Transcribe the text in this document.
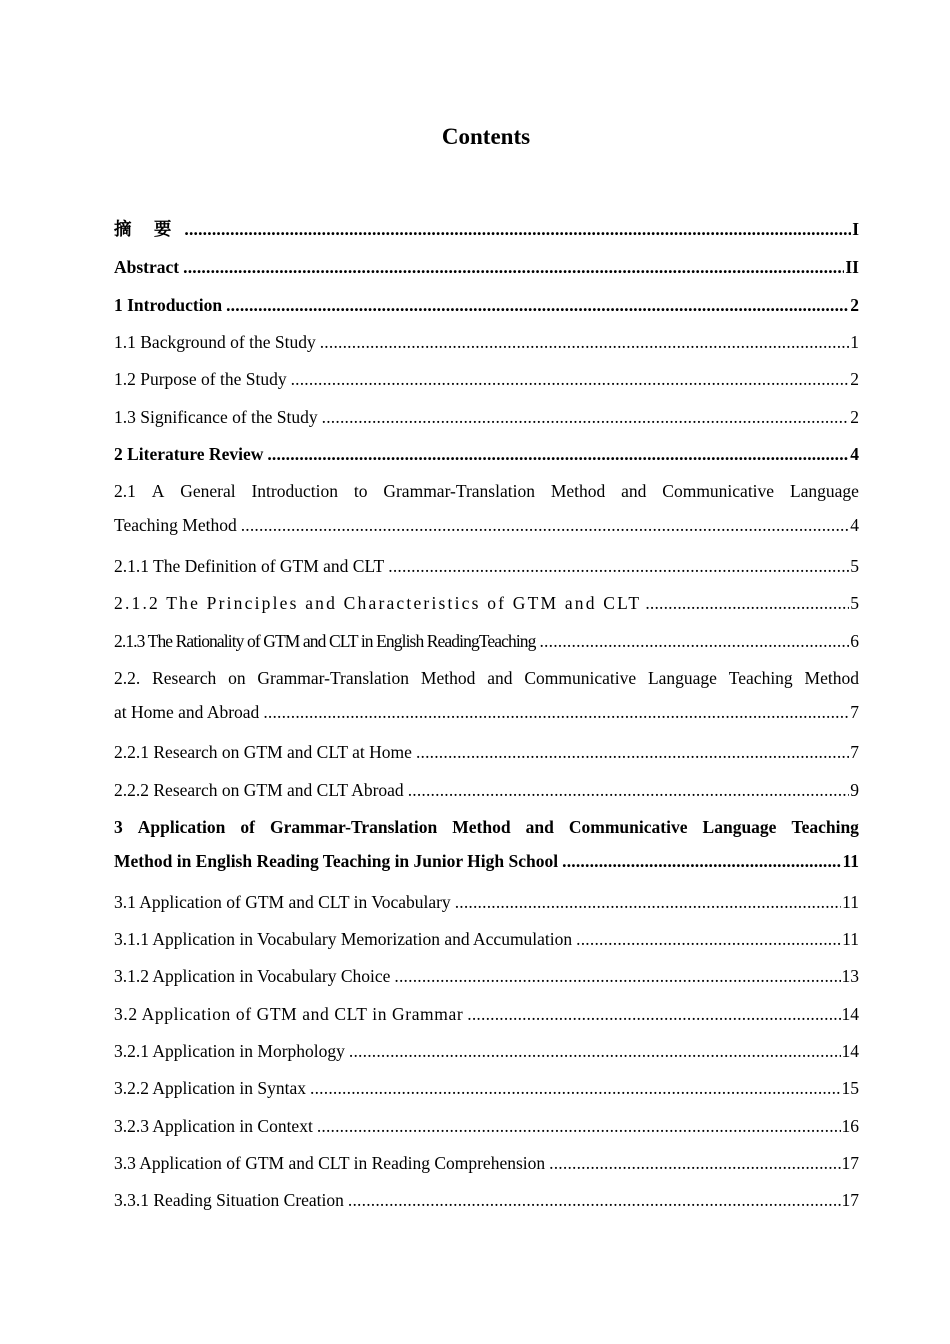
Contents
摘 要 .....	I
Abstract .....	II
1 Introduction .....	2
1.1 Background of the Study .....	1
1.2 Purpose of the Study .....	2
1.3 Significance of the Study .....	2
2 Literature Review .....	4
2.1 A General Introduction to Grammar-Translation Method and Communicative Language
Teaching Method .....	4
2.1.1 The Definition of GTM and CLT .....	5
2.1.2 The Principles and Characteristics of GTM and CLT .....	5
2.1.3 The Rationality of GTM and CLT in English ReadingTeaching .....	6
2.2. Research on Grammar-Translation Method and Communicative Language Teaching Method
at Home and Abroad .....	7
2.2.1 Research on GTM and CLT at Home .....	7
2.2.2 Research on GTM and CLT Abroad .....	9
3 Application of Grammar-Translation Method and Communicative Language Teaching
Method in English Reading Teaching in Junior High School .....	11
3.1 Application of GTM and CLT in Vocabulary .....	11
3.1.1 Application in Vocabulary Memorization and Accumulation .....	11
3.1.2 Application in Vocabulary Choice .....	13
3.2 Application of GTM and CLT in Grammar .....	14
3.2.1 Application in Morphology .....	14
3.2.2 Application in Syntax .....	15
3.2.3 Application in Context .....	16
3.3 Application of GTM and CLT in Reading Comprehension .....	17
3.3.1 Reading Situation Creation .....	17
